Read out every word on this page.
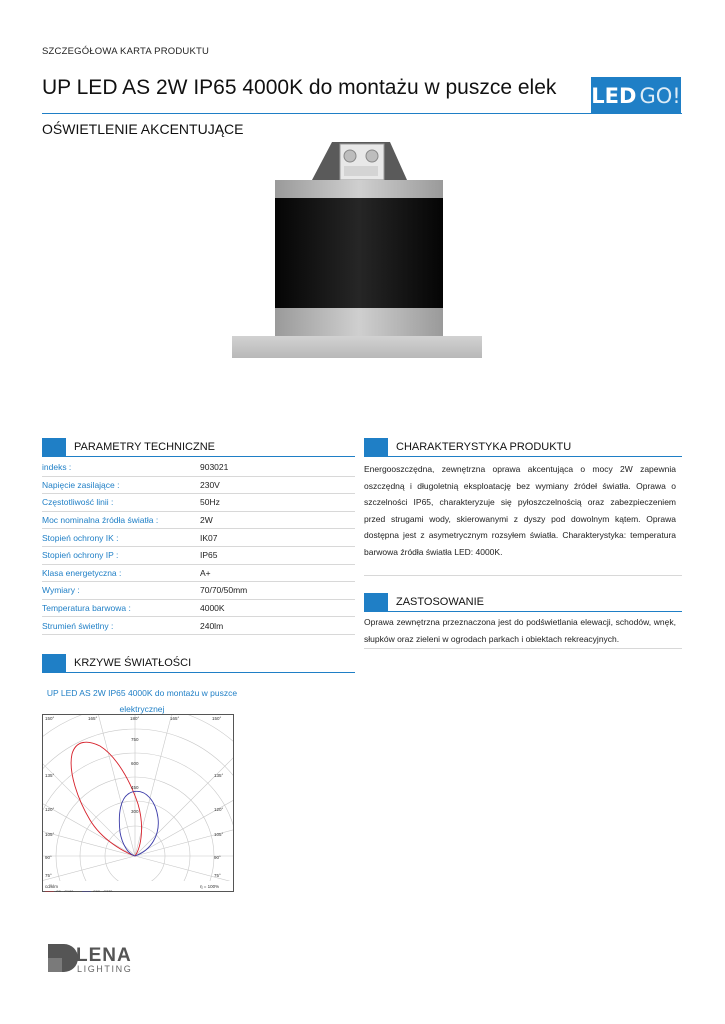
SZCZEGÓŁOWA KARTA PRODUKTU
UP LED AS 2W IP65 4000K do montażu w puszce elek LED GO!
OŚWIETLENIE AKCENTUJĄCE
PARAMETRY TECHNICZNE	CHARAKTERYSTYKA PRODUKTU
ZASTOSOWANIE
KRZYWE ŚWIATŁOŚCI
indeks :	903021
Napięcie zasilające :	230V
Częstotliwość linii :	50Hz
Moc nominalna źródła światła :	2W
Stopień ochrony IK :	IK07
Stopień ochrony IP :	IP65
Klasa energetyczna :	A+
Wymiary :	70/70/50mm
Temperatura barwowa :	4000K
Strumień świetlny :	240lm
Energooszczędna, zewnętrzna oprawa akcentująca o mocy 2W zapewnia oszczędną i długoletnią eksploatację bez wymiany źródeł światła. Oprawa o szczelności IP65, charakteryzuje się pyłoszczelnością oraz zabezpieczeniem przed strugami wody, skierowanymi z dyszy pod dowolnym kątem. Oprawa dostępna jest z asymetrycznym rozsyłem światła. Charakterystyka: temperatura barwowa źródła światła LED: 4000K.
Oprawa zewnętrzna przeznaczona jest do podświetlania elewacji, schodów, wnęk, słupków oraz zieleni w ogrodach parkach i obiektach rekreacyjnych.
UP LED AS 2W IP65 4000K do montażu w puszce elektrycznej
150°	165°	180°	165°	150°
135°
120°
105°
90°
75°
135°
120°
105°
90°
75°
750
600
450
300
cd/klm	η = 100%
C0 - C180	C90 - C270
LENA
LIGHTING
